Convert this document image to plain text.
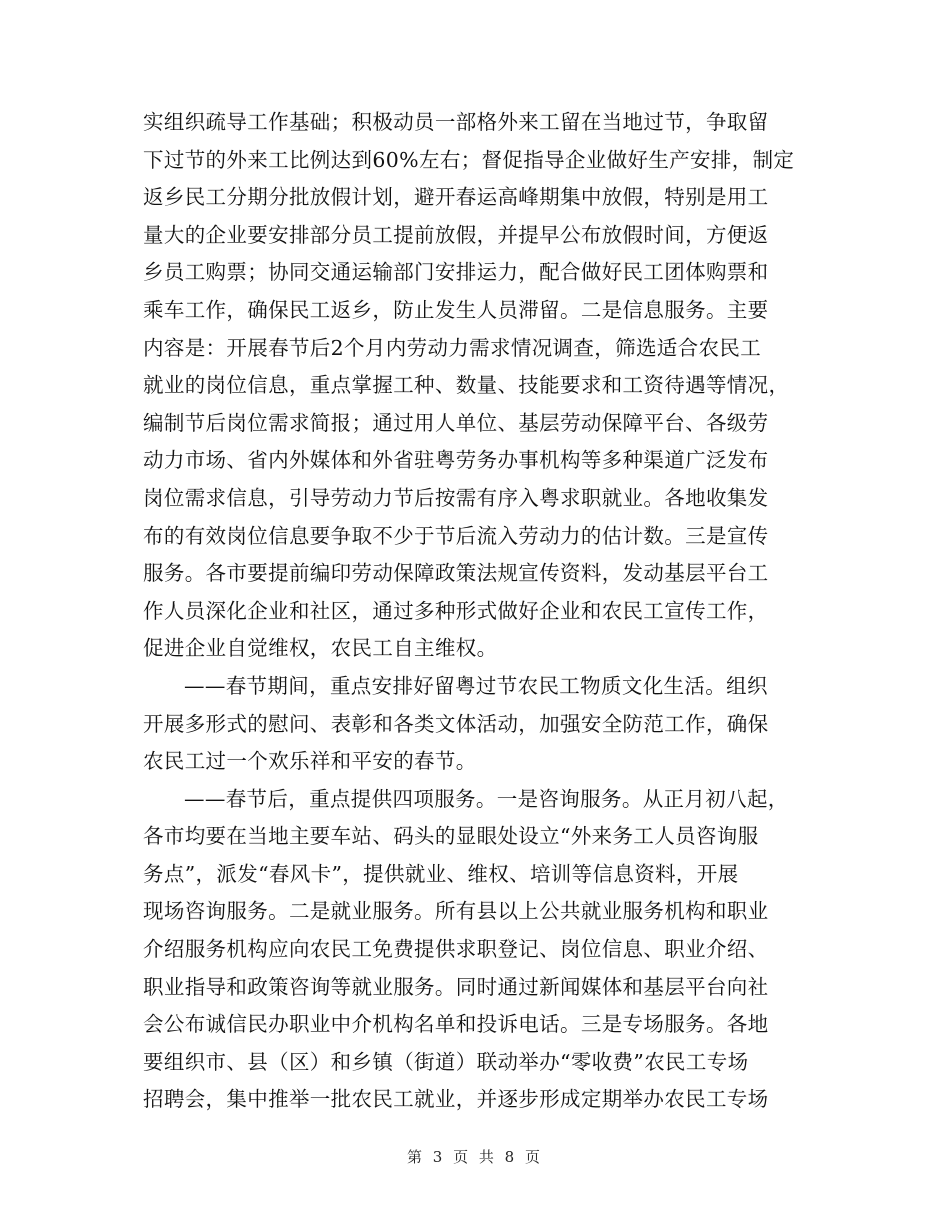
实组织疏导工作基础；积极动员一部格外来工留在当地过节，争取留
下过节的外来工比例达到60%左右；督促指导企业做好生产安排，制定
返乡民工分期分批放假计划，避开春运高峰期集中放假，特别是用工
量大的企业要安排部分员工提前放假，并提早公布放假时间，方便返
乡员工购票；协同交通运输部门安排运力，配合做好民工团体购票和
乘车工作，确保民工返乡，防止发生人员滞留。二是信息服务。主要
内容是：开展春节后2个月内劳动力需求情况调查，筛选适合农民工
就业的岗位信息，重点掌握工种、数量、技能要求和工资待遇等情况，
编制节后岗位需求简报；通过用人单位、基层劳动保障平台、各级劳
动力市场、省内外媒体和外省驻粤劳务办事机构等多种渠道广泛发布
岗位需求信息，引导劳动力节后按需有序入粤求职就业。各地收集发
布的有效岗位信息要争取不少于节后流入劳动力的估计数。三是宣传
服务。各市要提前编印劳动保障政策法规宣传资料，发动基层平台工
作人员深化企业和社区，通过多种形式做好企业和农民工宣传工作，
促进企业自觉维权，农民工自主维权。
——春节期间，重点安排好留粤过节农民工物质文化生活。组织
开展多形式的慰问、表彰和各类文体活动，加强安全防范工作，确保
农民工过一个欢乐祥和平安的春节。
——春节后，重点提供四项服务。一是咨询服务。从正月初八起，
各市均要在当地主要车站、码头的显眼处设立“外来务工人员咨询服
务点”，派发“春风卡”，提供就业、维权、培训等信息资料，开展
现场咨询服务。二是就业服务。所有县以上公共就业服务机构和职业
介绍服务机构应向农民工免费提供求职登记、岗位信息、职业介绍、
职业指导和政策咨询等就业服务。同时通过新闻媒体和基层平台向社
会公布诚信民办职业中介机构名单和投诉电话。三是专场服务。各地
要组织市、县（区）和乡镇（街道）联动举办“零收费”农民工专场
招聘会，集中推举一批农民工就业，并逐步形成定期举办农民工专场
第 3 页 共 8 页
